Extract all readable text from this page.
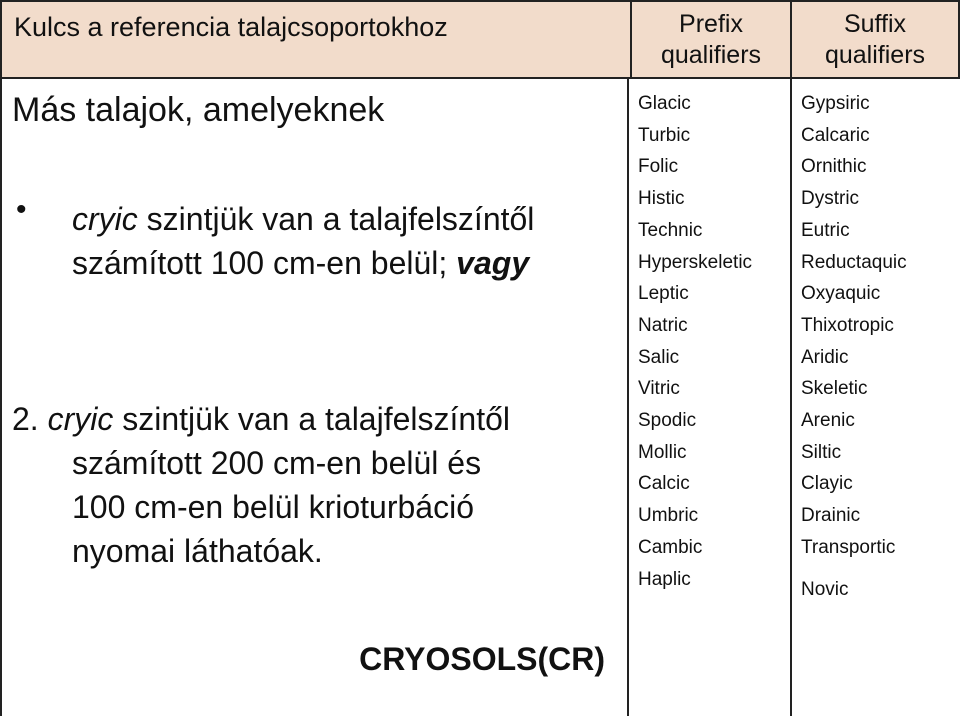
Kulcs a referencia talajcsoportokhoz	Prefix qualifiers
Suffix qualifiers
Más talajok, amelyeknek
• cryic szintjük van a talajfelszíntől számított 100 cm-en belül; vagy
2. cryic szintjük van a talajfelszíntől
számított 200 cm-en belül és
100 cm-en belül krioturbáció
nyomai láthatóak.
CRYOSOLS(CR)
Glacic
Turbic
Folic
Histic
Technic
Hyperskeletic
Leptic
Natric
Salic
Vitric
Spodic
Mollic
Calcic
Umbric
Cambic
Haplic
Gypsiric
Calcaric
Ornithic
Dystric
Eutric
Reductaquic
Oxyaquic
Thixotropic
Aridic
Skeletic
Arenic
Siltic
Clayic
Drainic
Transportic
Novic
